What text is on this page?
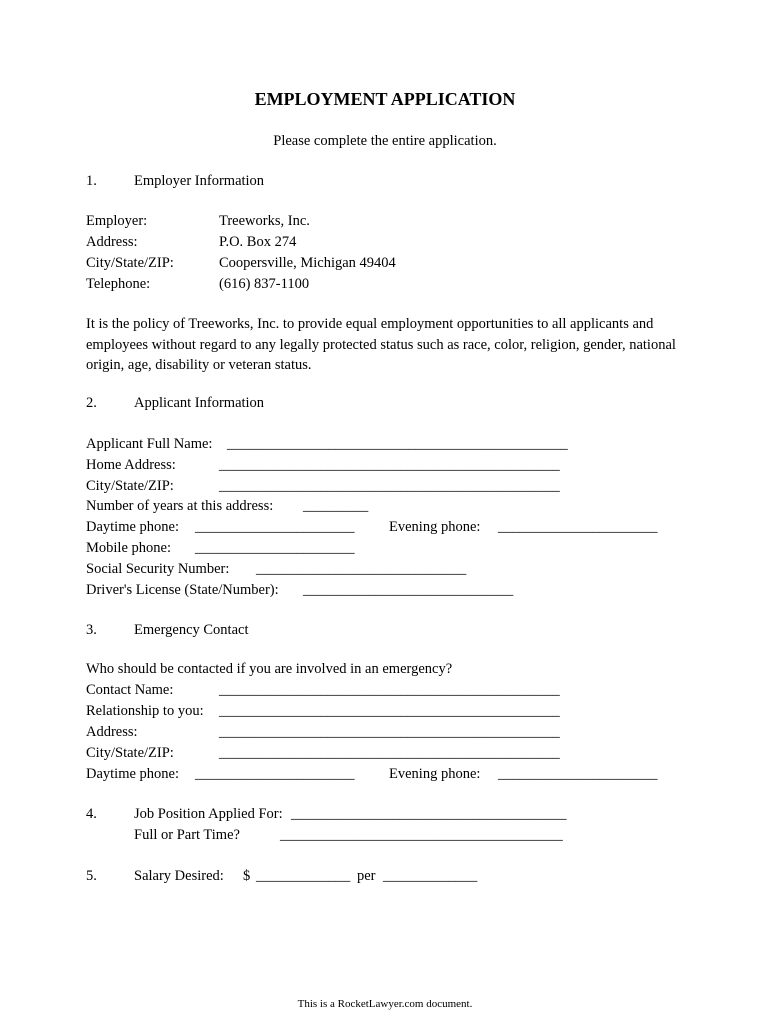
EMPLOYMENT APPLICATION
Please complete the entire application.
1.	Employer Information
Employer:	Treeworks, Inc.
Address:	P.O. Box 274
City/State/ZIP:	Coopersville, Michigan 49404
Telephone:	(616) 837-1100
It is the policy of Treeworks, Inc. to provide equal employment opportunities to all applicants and employees without regard to any legally protected status such as race, color, religion, gender, national origin, age, disability or veteran status.
2.	Applicant Information
Applicant Full Name: _______________________________________________
Home Address:	_______________________________________________
City/State/ZIP:	_______________________________________________
Number of years at this address: _________
Daytime phone: ______________________ Evening phone: ______________________
Mobile phone: ______________________
Social Security Number: _____________________________
Driver's License (State/Number): _____________________________
3.	Emergency Contact
Who should be contacted if you are involved in an emergency?
Contact Name:	_______________________________________________
Relationship to you: _______________________________________________
Address:	_______________________________________________
City/State/ZIP:	_______________________________________________
Daytime phone: ______________________ Evening phone: ______________________
4.	Job Position Applied For: ______________________________________
Full or Part Time?	_______________________________________
5.	Salary Desired: $ _____________ per _____________
This is a RocketLawyer.com document.
